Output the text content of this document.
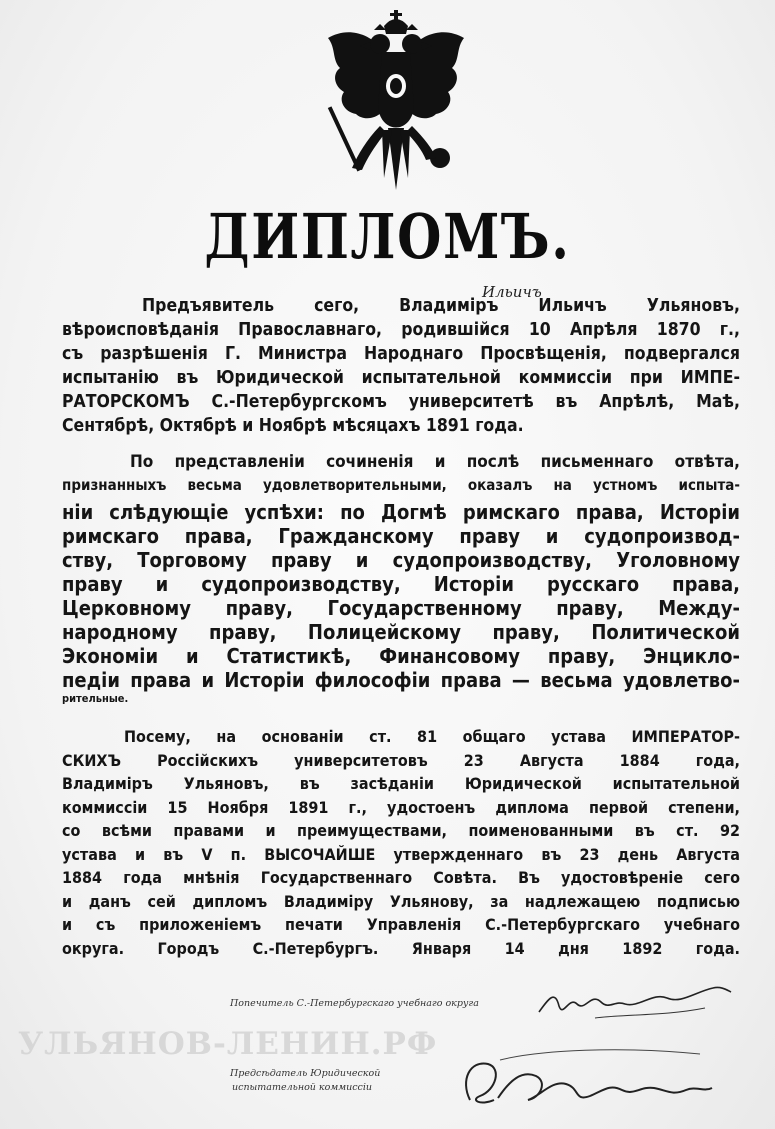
ДИПЛОМЪ.
Ильичъ
Предъявитель сего, Владиміръ Ильичъ Ульяновъ,
вѣроисповѣданія Православнаго, родившійся 10 Апрѣля 1870 г.,
съ разрѣшенія Г. Министра Народнаго Просвѣщенія, подвергался
испытанію въ Юридической испытательной коммиссіи при ИМПЕ-
РАТОРСКОМЪ С.-Петербургскомъ университетѣ въ Апрѣлѣ, Маѣ,
Сентябрѣ, Октябрѣ и Ноябрѣ мѣсяцахъ 1891 года.
По представленіи сочиненія и послѣ письменнаго отвѣта,
признанныхъ весьма удовлетворительными, оказалъ на устномъ испыта-
ніи слѣдующіе успѣхи: по Догмѣ римскаго права, Исторіи
римскаго права, Гражданскому праву и судопроизвод-
ству, Торговому праву и судопроизводству, Уголовному
праву и судопроизводству, Исторіи русскаго права,
Церковному праву, Государственному праву, Между-
народному праву, Полицейскому праву, Политической
Экономіи и Статистикѣ, Финансовому праву, Энцикло-
педіи права и Исторіи философіи права — весьма удовлетво-
рительные.
Посему, на основаніи ст. 81 общаго устава ИМПЕРАТОР-
СКИХЪ Россійскихъ университетовъ 23 Августа 1884 года,
Владиміръ Ульяновъ, въ засѣданіи Юридической испытательной
коммиссіи 15 Ноября 1891 г., удостоенъ диплома первой степени,
со всѣми правами и преимуществами, поименованными въ ст. 92
устава и въ V п. ВЫСОЧАЙШЕ утвержденнаго въ 23 день Августа
1884 года мнѣнія Государственнаго Совѣта. Въ удостовѣреніе сего
и данъ сей дипломъ Владиміру Ульянову, за надлежащею подписью
и съ приложеніемъ печати Управленія С.-Петербургскаго учебнаго
округа. Городъ С.-Петербургъ. Января 14 дня 1892 года.
Попечитель С.-Петербургскаго учебнаго округа
УЛЬЯНОВ-ЛЕНИН.РФ
Предсѣдатель Юридической
испытательной коммиссіи
